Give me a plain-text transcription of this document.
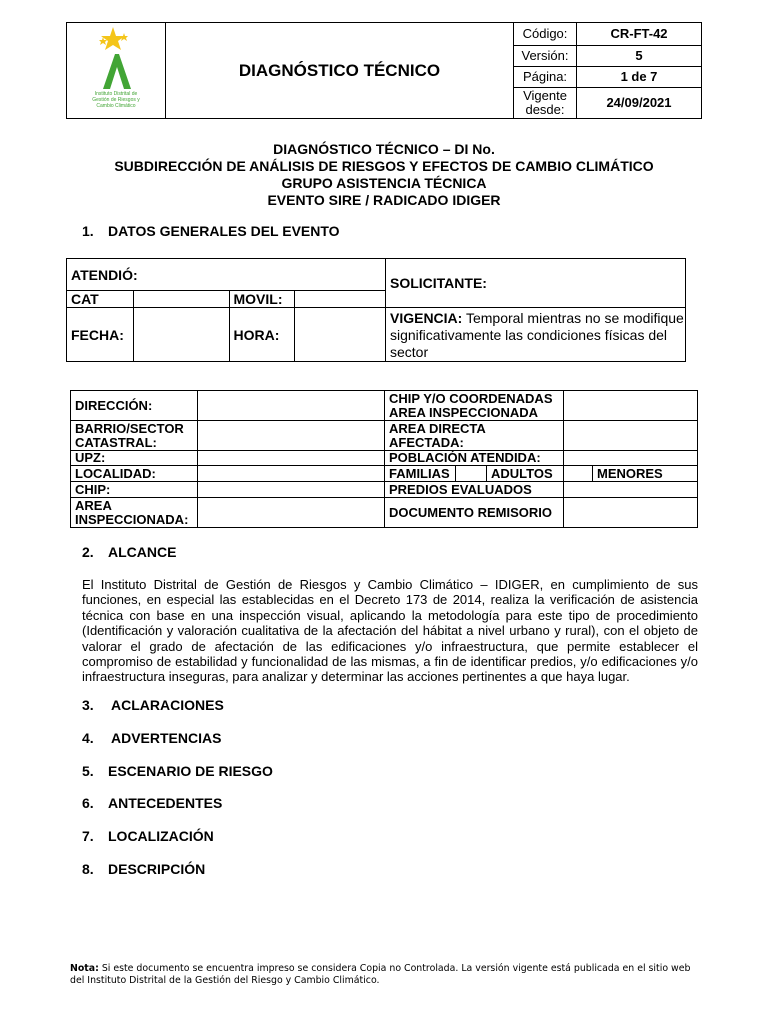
Instituto Distrital de
Gestión de Riesgos y
Cambio Climático	DIAGNÓSTICO TÉCNICO	Código:	CR-FT-42
		Versión:	5
		Página:	1 de 7
		Vigente desde:	24/09/2021
DIAGNÓSTICO TÉCNICO – DI No.
SUBDIRECCIÓN DE ANÁLISIS DE RIESGOS Y EFECTOS DE CAMBIO CLIMÁTICO
GRUPO ASISTENCIA TÉCNICA
EVENTO SIRE / RADICADO IDIGER
1. DATOS GENERALES DEL EVENTO
ATENDIÓ:				SOLICITANTE:
CAT		MOVIL:		
FECHA:		HORA:		VIGENCIA: Temporal mientras no se modifique significativamente las condiciones físicas del sector
DIRECCIÓN:		CHIP Y/O COORDENADAS AREA INSPECCIONADA				
BARRIO/SECTOR CATASTRAL:		AREA DIRECTA AFECTADA:				
UPZ:		POBLACIÓN ATENDIDA:				
LOCALIDAD:		FAMILIAS		ADULTOS		MENORES
CHIP:		PREDIOS EVALUADOS				
AREA INSPECCIONADA:		DOCUMENTO REMISORIO				
2. ALCANCE
El Instituto Distrital de Gestión de Riesgos y Cambio Climático – IDIGER, en cumplimiento de sus funciones, en especial las establecidas en el Decreto 173 de 2014, realiza la verificación de asistencia técnica con base en una inspección visual, aplicando la metodología para este tipo de procedimiento (Identificación y valoración cualitativa de la afectación del hábitat a nivel urbano y rural), con el objeto de valorar el grado de afectación de las edificaciones y/o infraestructura, que permite establecer el compromiso de estabilidad y funcionalidad de las mismas, a fin de identificar predios, y/o edificaciones y/o infraestructura inseguras, para analizar y determinar las acciones pertinentes a que haya lugar.
3. ACLARACIONES
4. ADVERTENCIAS
5. ESCENARIO DE RIESGO
6. ANTECEDENTES
7. LOCALIZACIÓN
8. DESCRIPCIÓN
Nota: Si este documento se encuentra impreso se considera Copia no Controlada. La versión vigente está publicada en el sitio web del Instituto Distrital de la Gestión del Riesgo y Cambio Climático.
